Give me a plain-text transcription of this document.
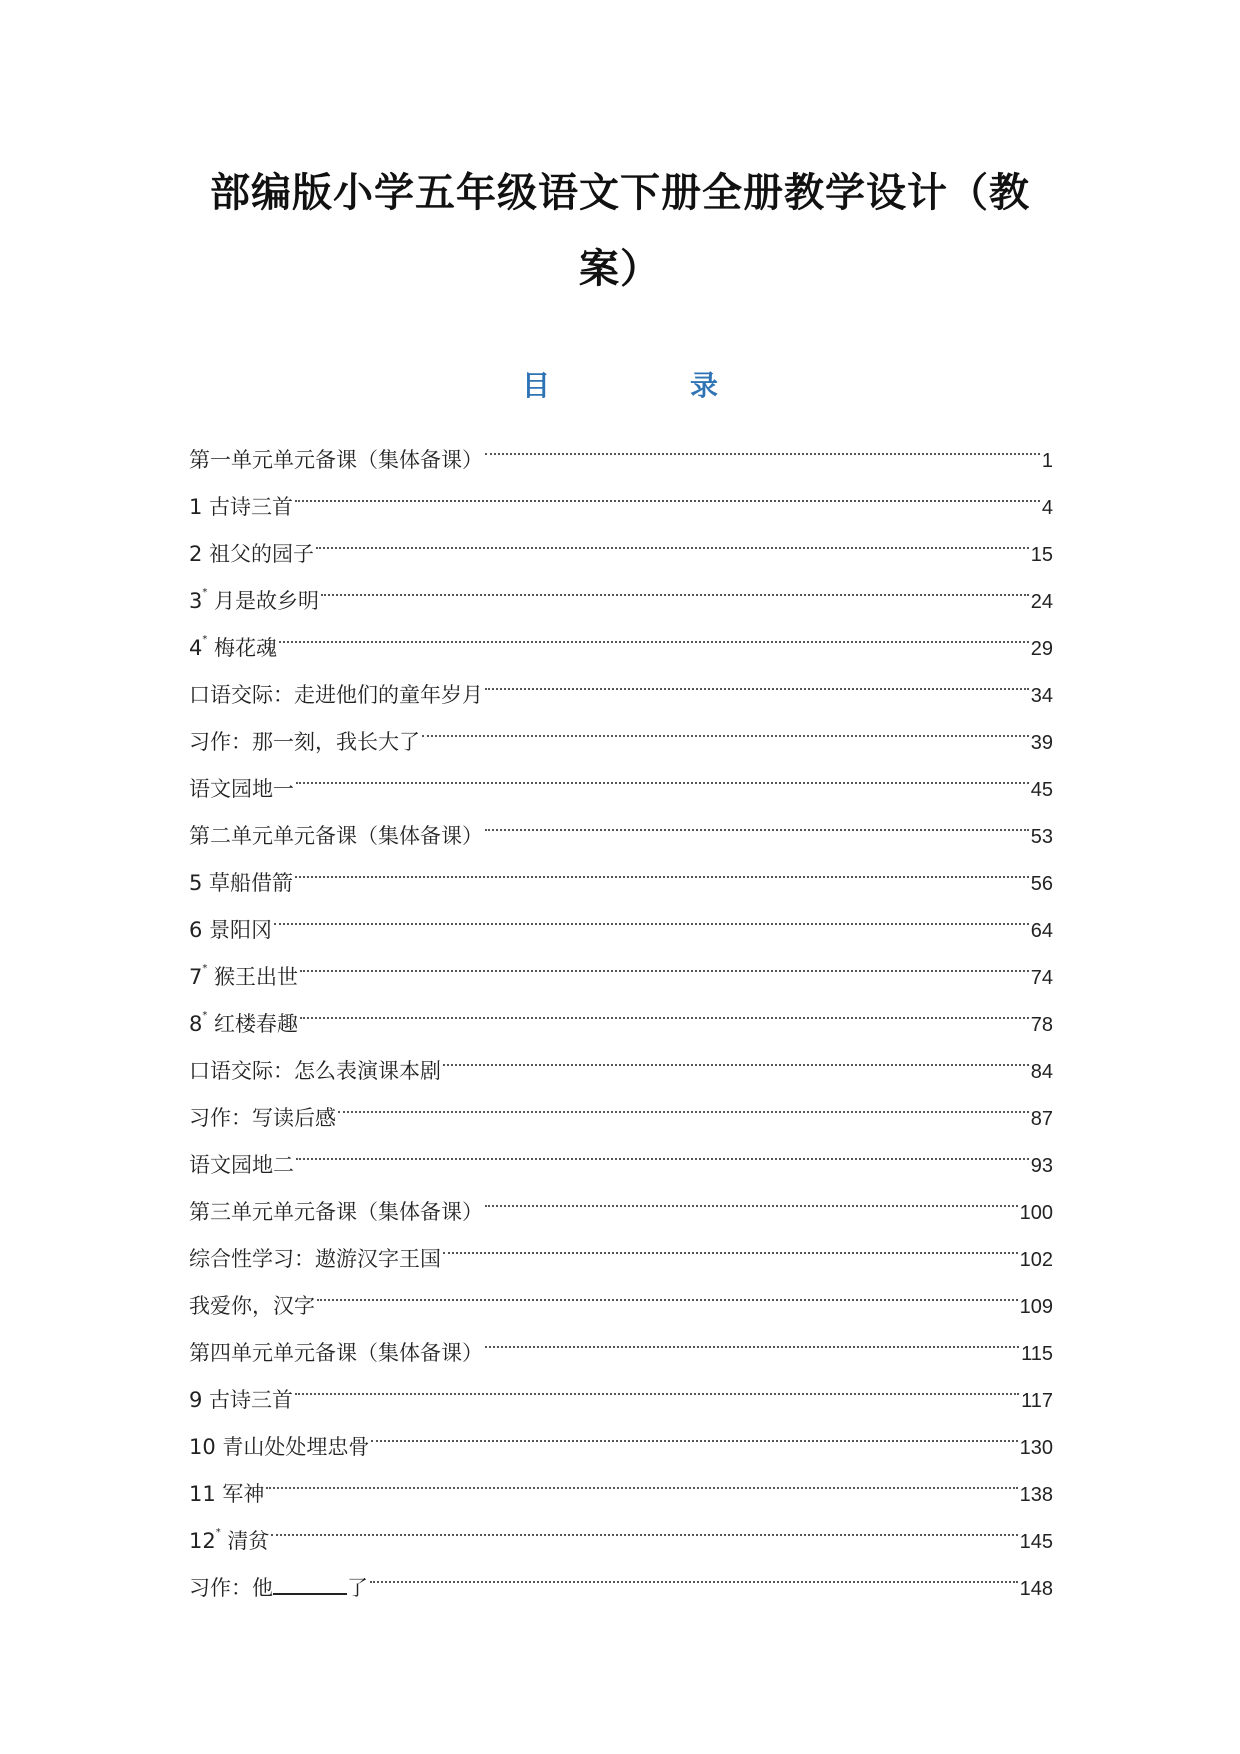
部编版小学五年级语文下册全册教学设计（教案）
目	录
第一单元单元备课（集体备课）	1
1 古诗三首	4
2 祖父的园子	15
3* 月是故乡明	24
4* 梅花魂	29
口语交际：走进他们的童年岁月	34
习作：那一刻，我长大了	39
语文园地一	45
第二单元单元备课（集体备课）	53
5 草船借箭	56
6 景阳冈	64
7* 猴王出世	74
8* 红楼春趣	78
口语交际：怎么表演课本剧	84
习作：写读后感	87
语文园地二	93
第三单元单元备课（集体备课）	100
综合性学习：遨游汉字王国	102
我爱你，汉字	109
第四单元单元备课（集体备课）	115
9 古诗三首	117
10 青山处处埋忠骨	130
11 军神	138
12* 清贫	145
习作：他	了	148
